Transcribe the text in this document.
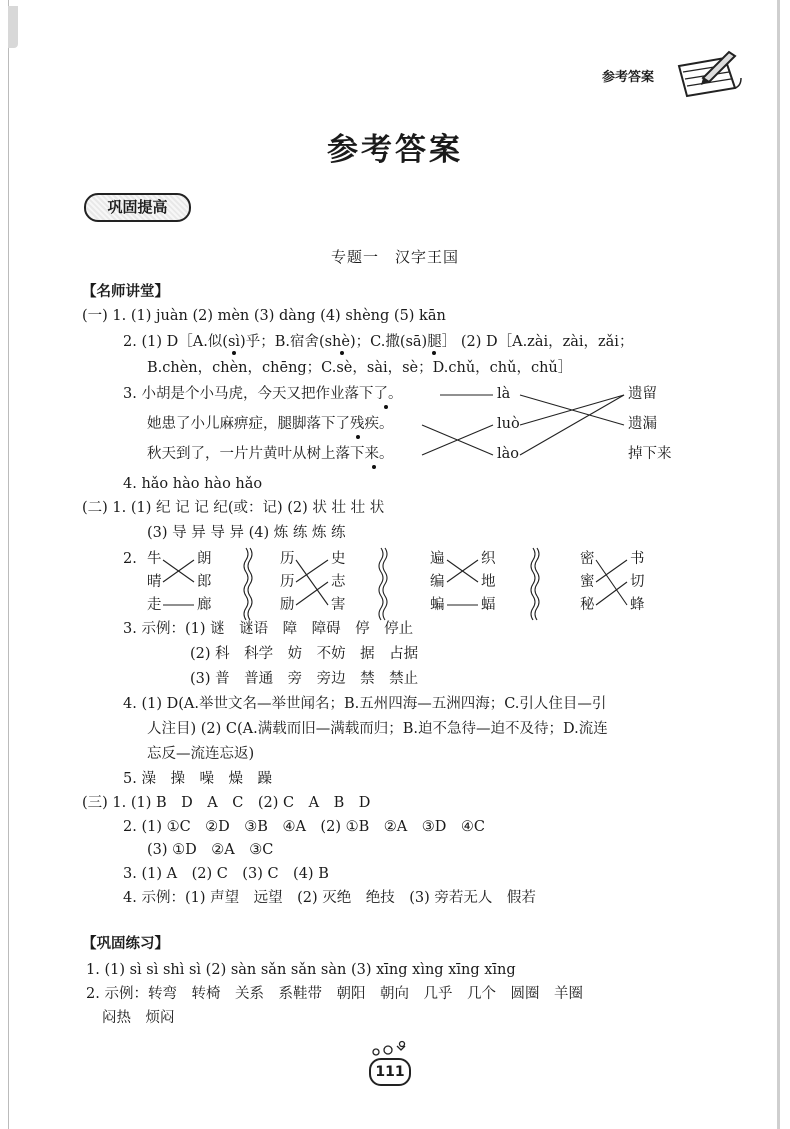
参考答案
参考答案
巩固提高
专题一　汉字王国
【名师讲堂】
(一) 1. (1) juàn (2) mèn (3) dàng (4) shèng (5) kān
2. (1) D［A.似(sì)乎；B.宿舍(shè)；C.撒(sā)腿］ (2) D［A.zài，zài，zǎi；
B.chèn，chèn，chēng；C.sè，sài，sè；D.chǔ，chǔ，chǔ］
3. 小胡是个小马虎，今天又把作业落下了。
她患了小儿麻痹症，腿脚落下了残疾。
秋天到了，一片片黄叶从树上落下来。
là
luò
lào
遗留
遗漏
掉下来
4. hǎo hào hào hǎo
(二) 1. (1) 纪 记 记 纪(或：记) (2) 状 壮 壮 状
(3) 导 异 导 异 (4) 炼 练 炼 练
2. 牛
晴
走
朗
郎
廊
历
历
励
史
志
害
遍
编
蝙
织
地
蝠
密
蜜
秘
书
切
蜂
3. 示例：(1) 谜　谜语　障　障碍　停　停止
(2) 科　科学　妨　不妨　据　占据
(3) 普　普通　旁　旁边　禁　禁止
4. (1) D(A.举世文名—举世闻名；B.五州四海—五洲四海；C.引人住目—引
人注目) (2) C(A.满载而旧—满载而归；B.迫不急待—迫不及待；D.流连
忘反—流连忘返)
5. 澡　操　噪　燥　躁
(三) 1. (1) B　D　A　C　(2) C　A　B　D
2. (1) ①C　②D　③B　④A　(2) ①B　②A　③D　④C
(3) ①D　②A　③C
3. (1) A　(2) C　(3) C　(4) B
4. 示例：(1) 声望　远望　(2) 灭绝　绝技　(3) 旁若无人　假若
【巩固练习】
1. (1) sì sì shì sì (2) sàn sǎn sǎn sàn (3) xīng xìng xīng xīng
2. 示例：转弯　转椅　关系　系鞋带　朝阳　朝向　几乎　几个　圆圈　羊圈
闷热　烦闷
111
